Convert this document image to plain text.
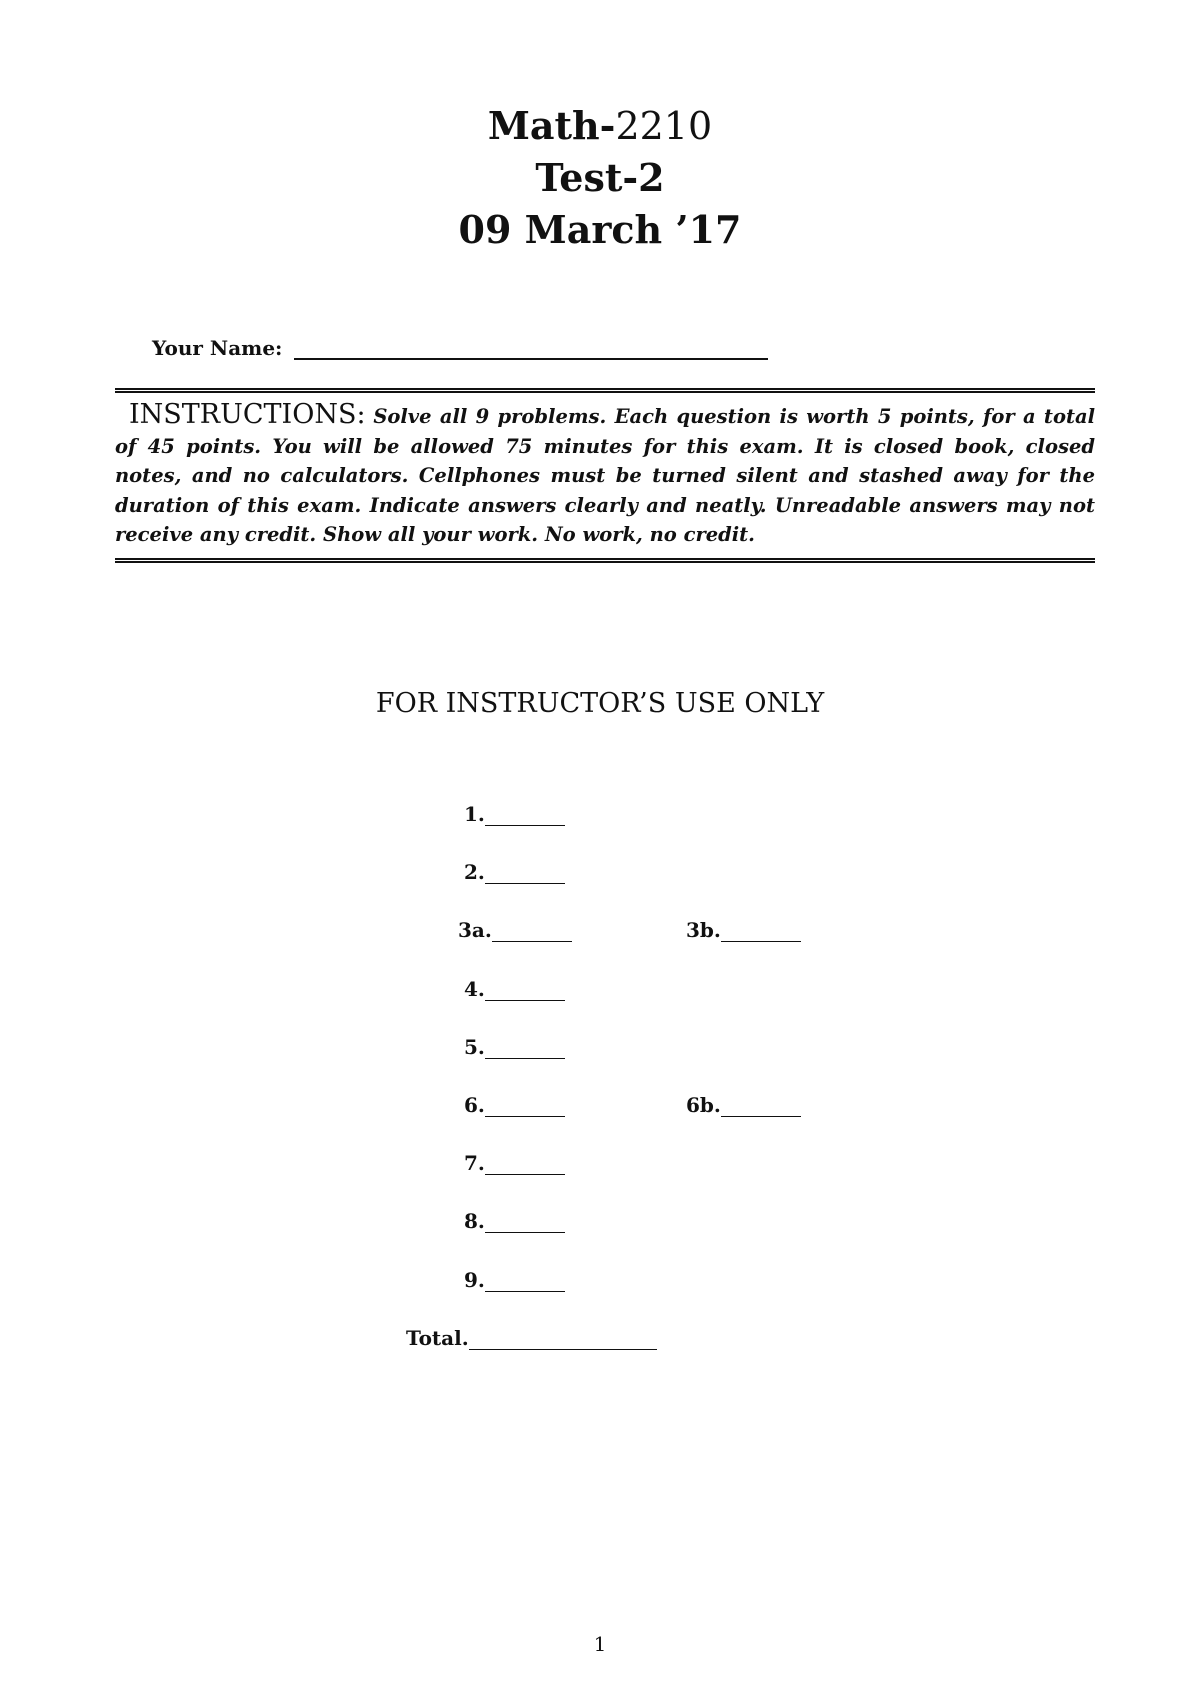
Math-2210
Test-2
09 March ’17
Your Name:
INSTRUCTIONS: Solve all 9 problems. Each question is worth 5 points, for a total of 45 points. You will be allowed 75 minutes for this exam. It is closed book, closed notes, and no calculators. Cellphones must be turned silent and stashed away for the duration of this exam. Indicate answers clearly and neatly. Unreadable answers may not receive any credit. Show all your work. No work, no credit.
FOR INSTRUCTOR’S USE ONLY
1.
2.
3a.	3b.
4.
5.
6.	6b.
7.
8.
9.
Total.
1
